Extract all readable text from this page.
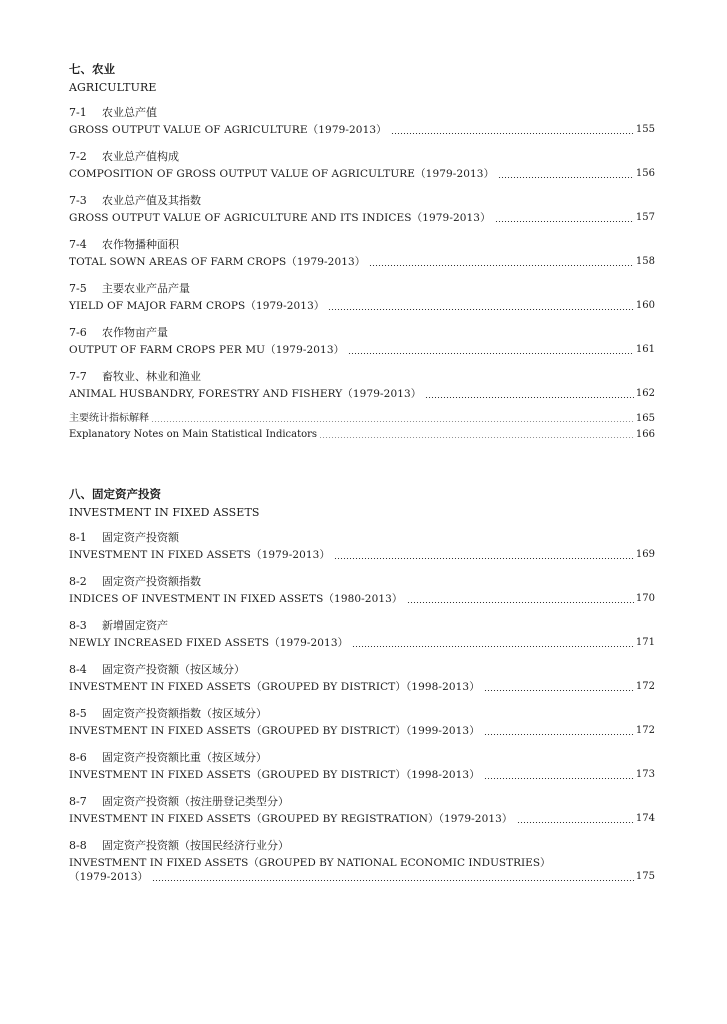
七、农业
AGRICULTURE
7-1 农业总产值
GROSS OUTPUT VALUE OF AGRICULTURE（1979-2013）	155
7-2 农业总产值构成
COMPOSITION OF GROSS OUTPUT VALUE OF AGRICULTURE（1979-2013）	156
7-3 农业总产值及其指数
GROSS OUTPUT VALUE OF AGRICULTURE AND ITS INDICES（1979-2013）	157
7-4 农作物播种面积
TOTAL SOWN AREAS OF FARM CROPS（1979-2013）	158
7-5 主要农业产品产量
YIELD OF MAJOR FARM CROPS（1979-2013）	160
7-6 农作物亩产量
OUTPUT OF FARM CROPS PER MU（1979-2013）	161
7-7 畜牧业、林业和渔业
ANIMAL HUSBANDRY, FORESTRY AND FISHERY（1979-2013）	162
主要统计指标解释	165
Explanatory Notes on Main Statistical Indicators	166
八、固定资产投资
INVESTMENT IN FIXED ASSETS
8-1 固定资产投资额
INVESTMENT IN FIXED ASSETS（1979-2013）	169
8-2 固定资产投资额指数
INDICES OF INVESTMENT IN FIXED ASSETS（1980-2013）	170
8-3 新增固定资产
NEWLY INCREASED FIXED ASSETS（1979-2013）	171
8-4 固定资产投资额（按区域分）
INVESTMENT IN FIXED ASSETS（GROUPED BY DISTRICT）（1998-2013）	172
8-5 固定资产投资额指数（按区域分）
INVESTMENT IN FIXED ASSETS（GROUPED BY DISTRICT）（1999-2013）	172
8-6 固定资产投资额比重（按区域分）
INVESTMENT IN FIXED ASSETS（GROUPED BY DISTRICT）（1998-2013）	173
8-7 固定资产投资额（按注册登记类型分）
INVESTMENT IN FIXED ASSETS（GROUPED BY REGISTRATION）（1979-2013）	174
8-8 固定资产投资额（按国民经济行业分）
INVESTMENT IN FIXED ASSETS（GROUPED BY NATIONAL ECONOMIC INDUSTRIES）
（1979-2013）	175
